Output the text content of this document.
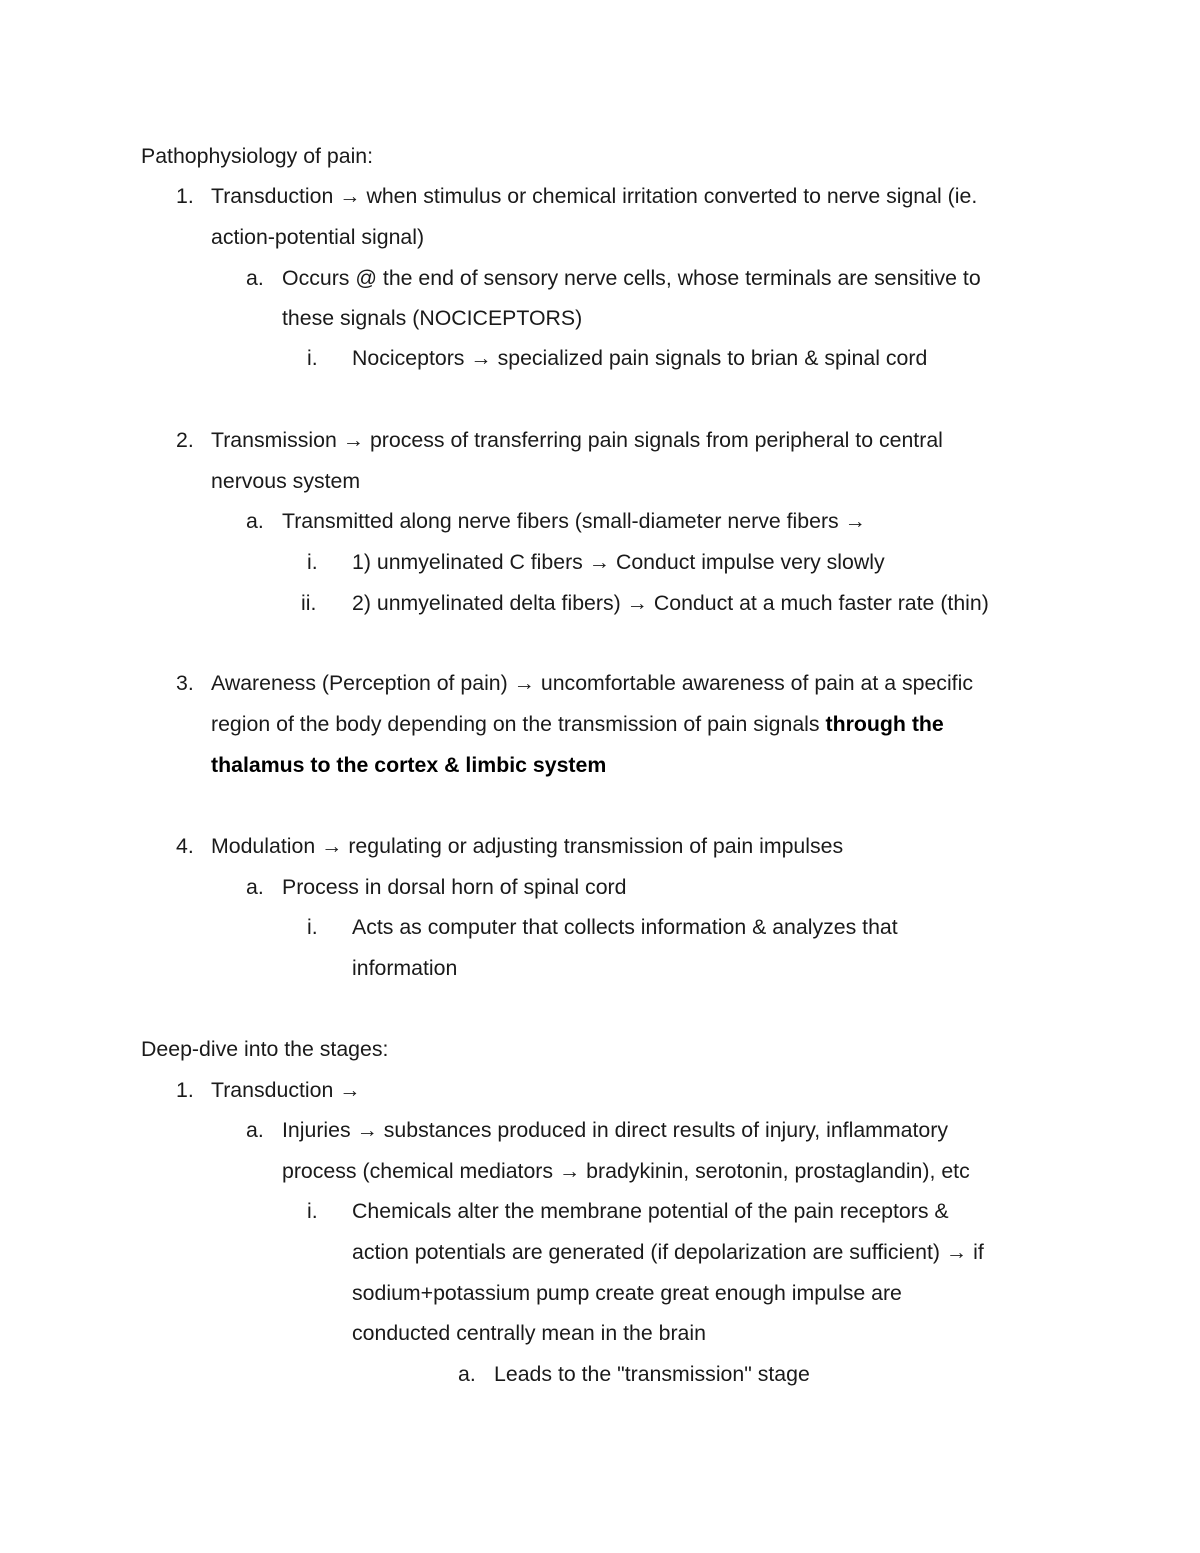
Pathophysiology of pain:
1. Transduction → when stimulus or chemical irritation converted to nerve signal (ie.
action-potential signal)
a. Occurs @ the end of sensory nerve cells, whose terminals are sensitive to
these signals (NOCICEPTORS)
i. Nociceptors → specialized pain signals to brian & spinal cord
2. Transmission → process of transferring pain signals from peripheral to central
nervous system
a. Transmitted along nerve fibers (small-diameter nerve fibers →
i. 1) unmyelinated C fibers → Conduct impulse very slowly
ii. 2) unmyelinated delta fibers) → Conduct at a much faster rate (thin)
3. Awareness (Perception of pain) → uncomfortable awareness of pain at a specific
region of the body depending on the transmission of pain signals through the
thalamus to the cortex & limbic system
4. Modulation → regulating or adjusting transmission of pain impulses
a. Process in dorsal horn of spinal cord
i. Acts as computer that collects information & analyzes that
information
Deep-dive into the stages:
1. Transduction →
a. Injuries → substances produced in direct results of injury, inflammatory
process (chemical mediators → bradykinin, serotonin, prostaglandin), etc
i. Chemicals alter the membrane potential of the pain receptors &
action potentials are generated (if depolarization are sufficient) → if
sodium+potassium pump create great enough impulse are
conducted centrally mean in the brain
a. Leads to the "transmission" stage
